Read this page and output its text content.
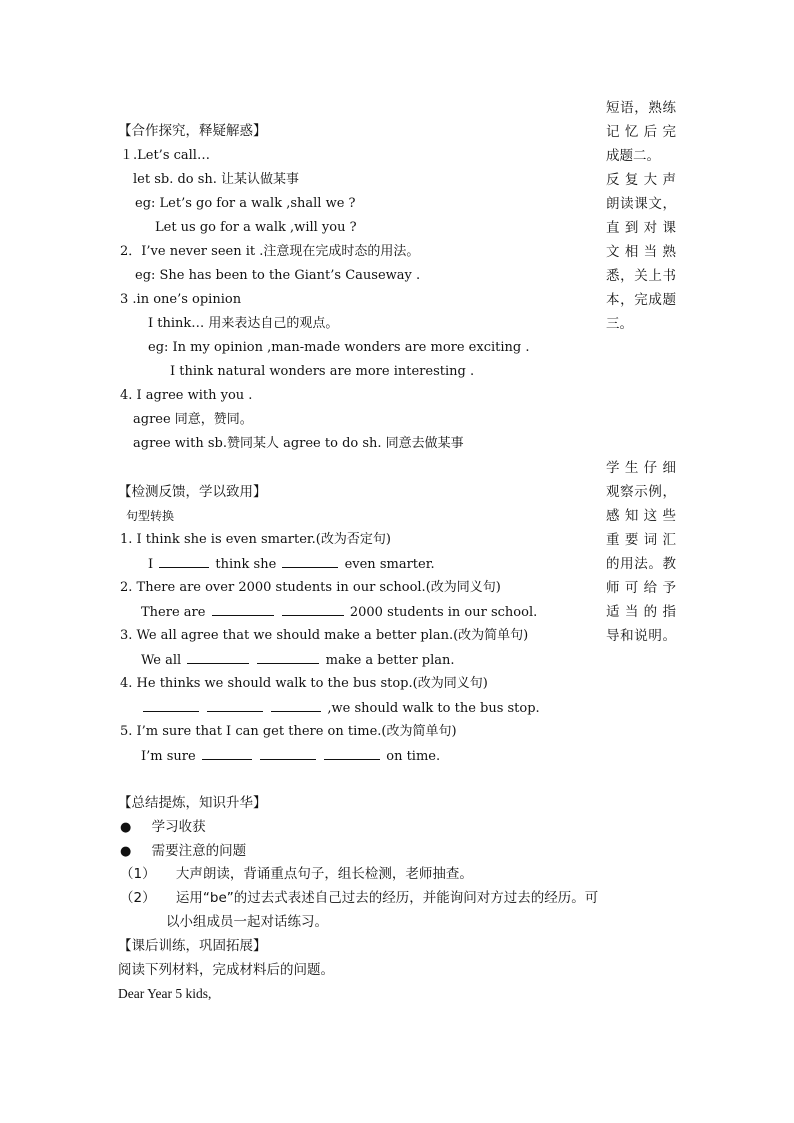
短语，熟练
记 忆 后 完
成题二。
反 复 大 声
朗读课文，
直 到 对 课
文 相 当 熟
悉，关上书
本，完成题
三。
学 生 仔 细
观察示例，
感 知 这 些
重 要 词 汇
的用法。教
师 可 给 予
适 当 的 指
导和说明。
【合作探究，释疑解惑】
１.Let’s call…
let sb. do sh. 让某认做某事
eg: Let’s go for a walk ,shall we ?
Let us go for a walk ,will you ?
2．I’ve never seen it .注意现在完成时态的用法。
eg: She has been to the Giant’s Causeway .
3 .in one’s opinion
I think… 用来表达自己的观点。
eg: In my opinion ,man-made wonders are more exciting .
I think natural wonders are more interesting .
4. I agree with you .
agree 同意，赞同。
agree with sb.赞同某人 agree to do sh. 同意去做某事
【检测反馈，学以致用】
句型转换
1. I think she is even smarter.(改为否定句)
I	think she	even smarter.
2. There are over 2000 students in our school.(改为同义句)
There are	2000 students in our school.
3. We all agree that we should make a better plan.(改为简单句)
We all	make a better plan.
4. He thinks we should walk to the bus stop.(改为同义句)
,we should walk to the bus stop.
5. I’m sure that I can get there on time.(改为简单句)
I’m sure	on time.
【总结提炼，知识升华】
● 学习收获
● 需要注意的问题
（1） 大声朗读，背诵重点句子，组长检测，老师抽查。
（2） 运用“be”的过去式表述自己过去的经历，并能询问对方过去的经历。可
以小组成员一起对话练习。
【课后训练，巩固拓展】
阅读下列材料，完成材料后的问题。
Dear Year 5 kids,
